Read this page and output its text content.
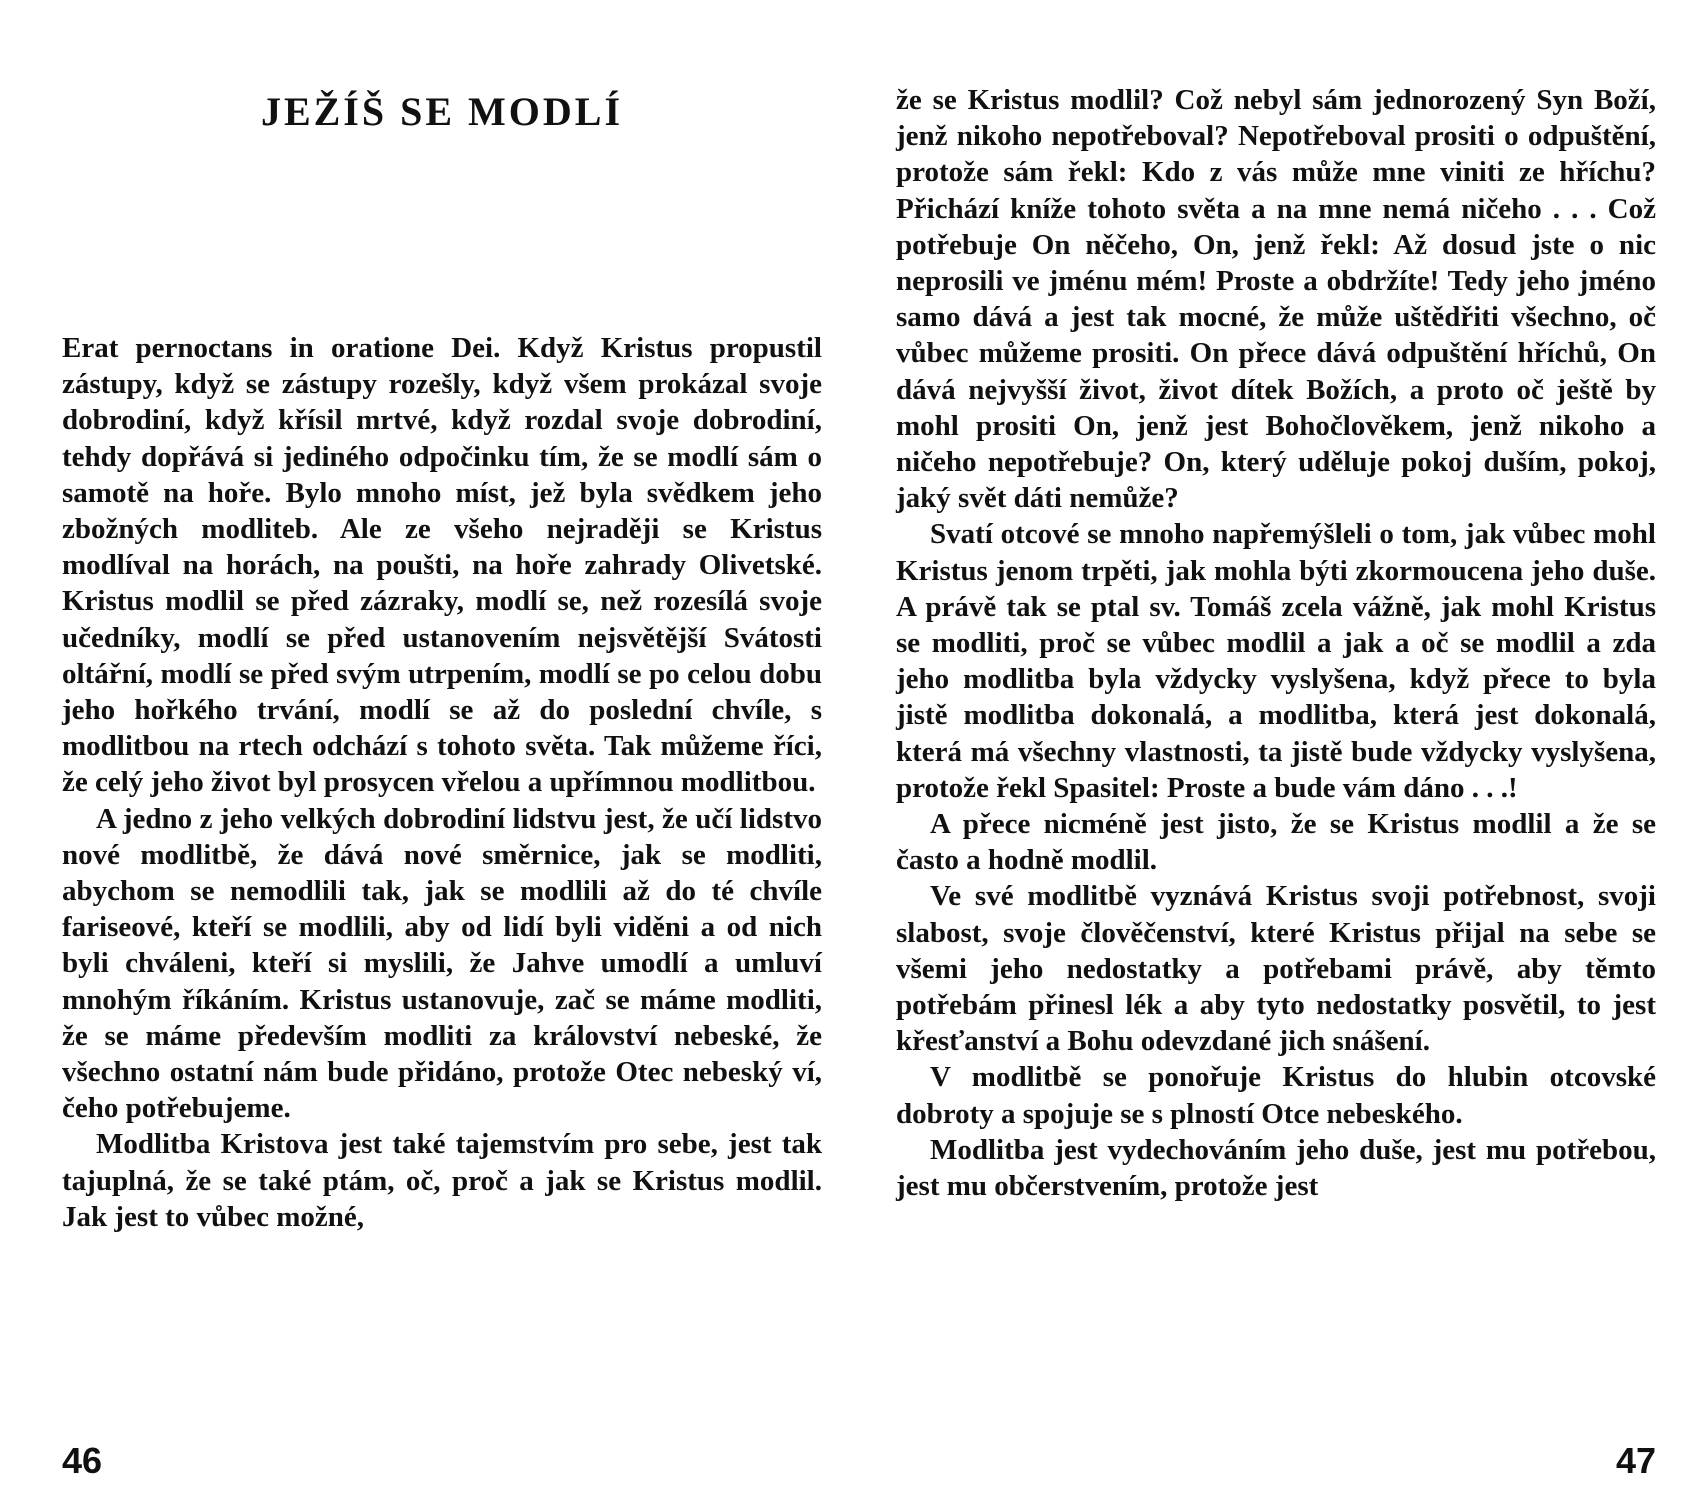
JEŽÍŠ SE MODLÍ

Erat pernoctans in oratione Dei. Když Kristus propustil zástupy, když se zástupy rozešly, když všem prokázal svoje dobrodiní, když křísil mrtvé, když rozdal svoje dobrodiní, tehdy dopřává si jediného odpočinku tím, že se modlí sám o samotě na hoře. Bylo mnoho míst, jež byla svědkem jeho zbožných modliteb. Ale ze všeho nejraději se Kristus modlíval na horách, na poušti, na hoře zahrady Olivetské. Kristus modlil se před zázraky, modlí se, než rozesílá svoje učedníky, modlí se před ustanovením nejsvětější Svátosti oltářní, modlí se před svým utrpením, modlí se po celou dobu jeho hořkého trvání, modlí se až do poslední chvíle, s modlitbou na rtech odchází s tohoto světa. Tak můžeme říci, že celý jeho život byl prosycen vřelou a upřímnou modlitbou.

A jedno z jeho velkých dobrodiní lidstvu jest, že učí lidstvo nové modlitbě, že dává nové směrnice, jak se modliti, abychom se nemodlili tak, jak se modlili až do té chvíle fariseové, kteří se modlili, aby od lidí byli viděni a od nich byli chváleni, kteří si myslili, že Jahve umodlí a umluví mnohým říkáním. Kristus ustanovuje, zač se máme modliti, že se máme především modliti za království nebeské, že všechno ostatní nám bude přidáno, protože Otec nebeský ví, čeho potřebujeme.

Modlitba Kristova jest také tajemstvím pro sebe, jest tak tajuplná, že se také ptám, oč, proč a jak se Kristus modlil. Jak jest to vůbec možné,

46

že se Kristus modlil? Což nebyl sám jednorozený Syn Boží, jenž nikoho nepotřeboval? Nepotřeboval prositi o odpuštění, protože sám řekl: Kdo z vás může mne viniti ze hříchu? Přichází kníže tohoto světa a na mne nemá ničeho . . . Což potřebuje On něčeho, On, jenž řekl: Až dosud jste o nic neprosili ve jménu mém! Proste a obdržíte! Tedy jeho jméno samo dává a jest tak mocné, že může uštědřiti všechno, oč vůbec můžeme prositi. On přece dává odpuštění hříchů, On dává nejvyšší život, život dítek Božích, a proto oč ještě by mohl prositi On, jenž jest Bohočlověkem, jenž nikoho a ničeho nepotřebuje? On, který uděluje pokoj duším, pokoj, jaký svět dáti nemůže?

Svatí otcové se mnoho napřemýšleli o tom, jak vůbec mohl Kristus jenom trpěti, jak mohla býti zkormoucena jeho duše. A právě tak se ptal sv. Tomáš zcela vážně, jak mohl Kristus se modliti, proč se vůbec modlil a jak a oč se modlil a zda jeho modlitba byla vždycky vyslyšena, když přece to byla jistě modlitba dokonalá, a modlitba, která jest dokonalá, která má všechny vlastnosti, ta jistě bude vždycky vyslyšena, protože řekl Spasitel: Proste a bude vám dáno . . .!

A přece nicméně jest jisto, že se Kristus modlil a že se často a hodně modlil.

Ve své modlitbě vyznává Kristus svoji potřebnost, svoji slabost, svoje člověčenství, které Kristus přijal na sebe se všemi jeho nedostatky a potřebami právě, aby těmto potřebám přinesl lék a aby tyto nedostatky posvětil, to jest křesťanství a Bohu odevzdané jich snášení.

V modlitbě se ponořuje Kristus do hlubin otcovské dobroty a spojuje se s plností Otce nebeského.

Modlitba jest vydechováním jeho duše, jest mu potřebou, jest mu občerstvením, protože jest

47
